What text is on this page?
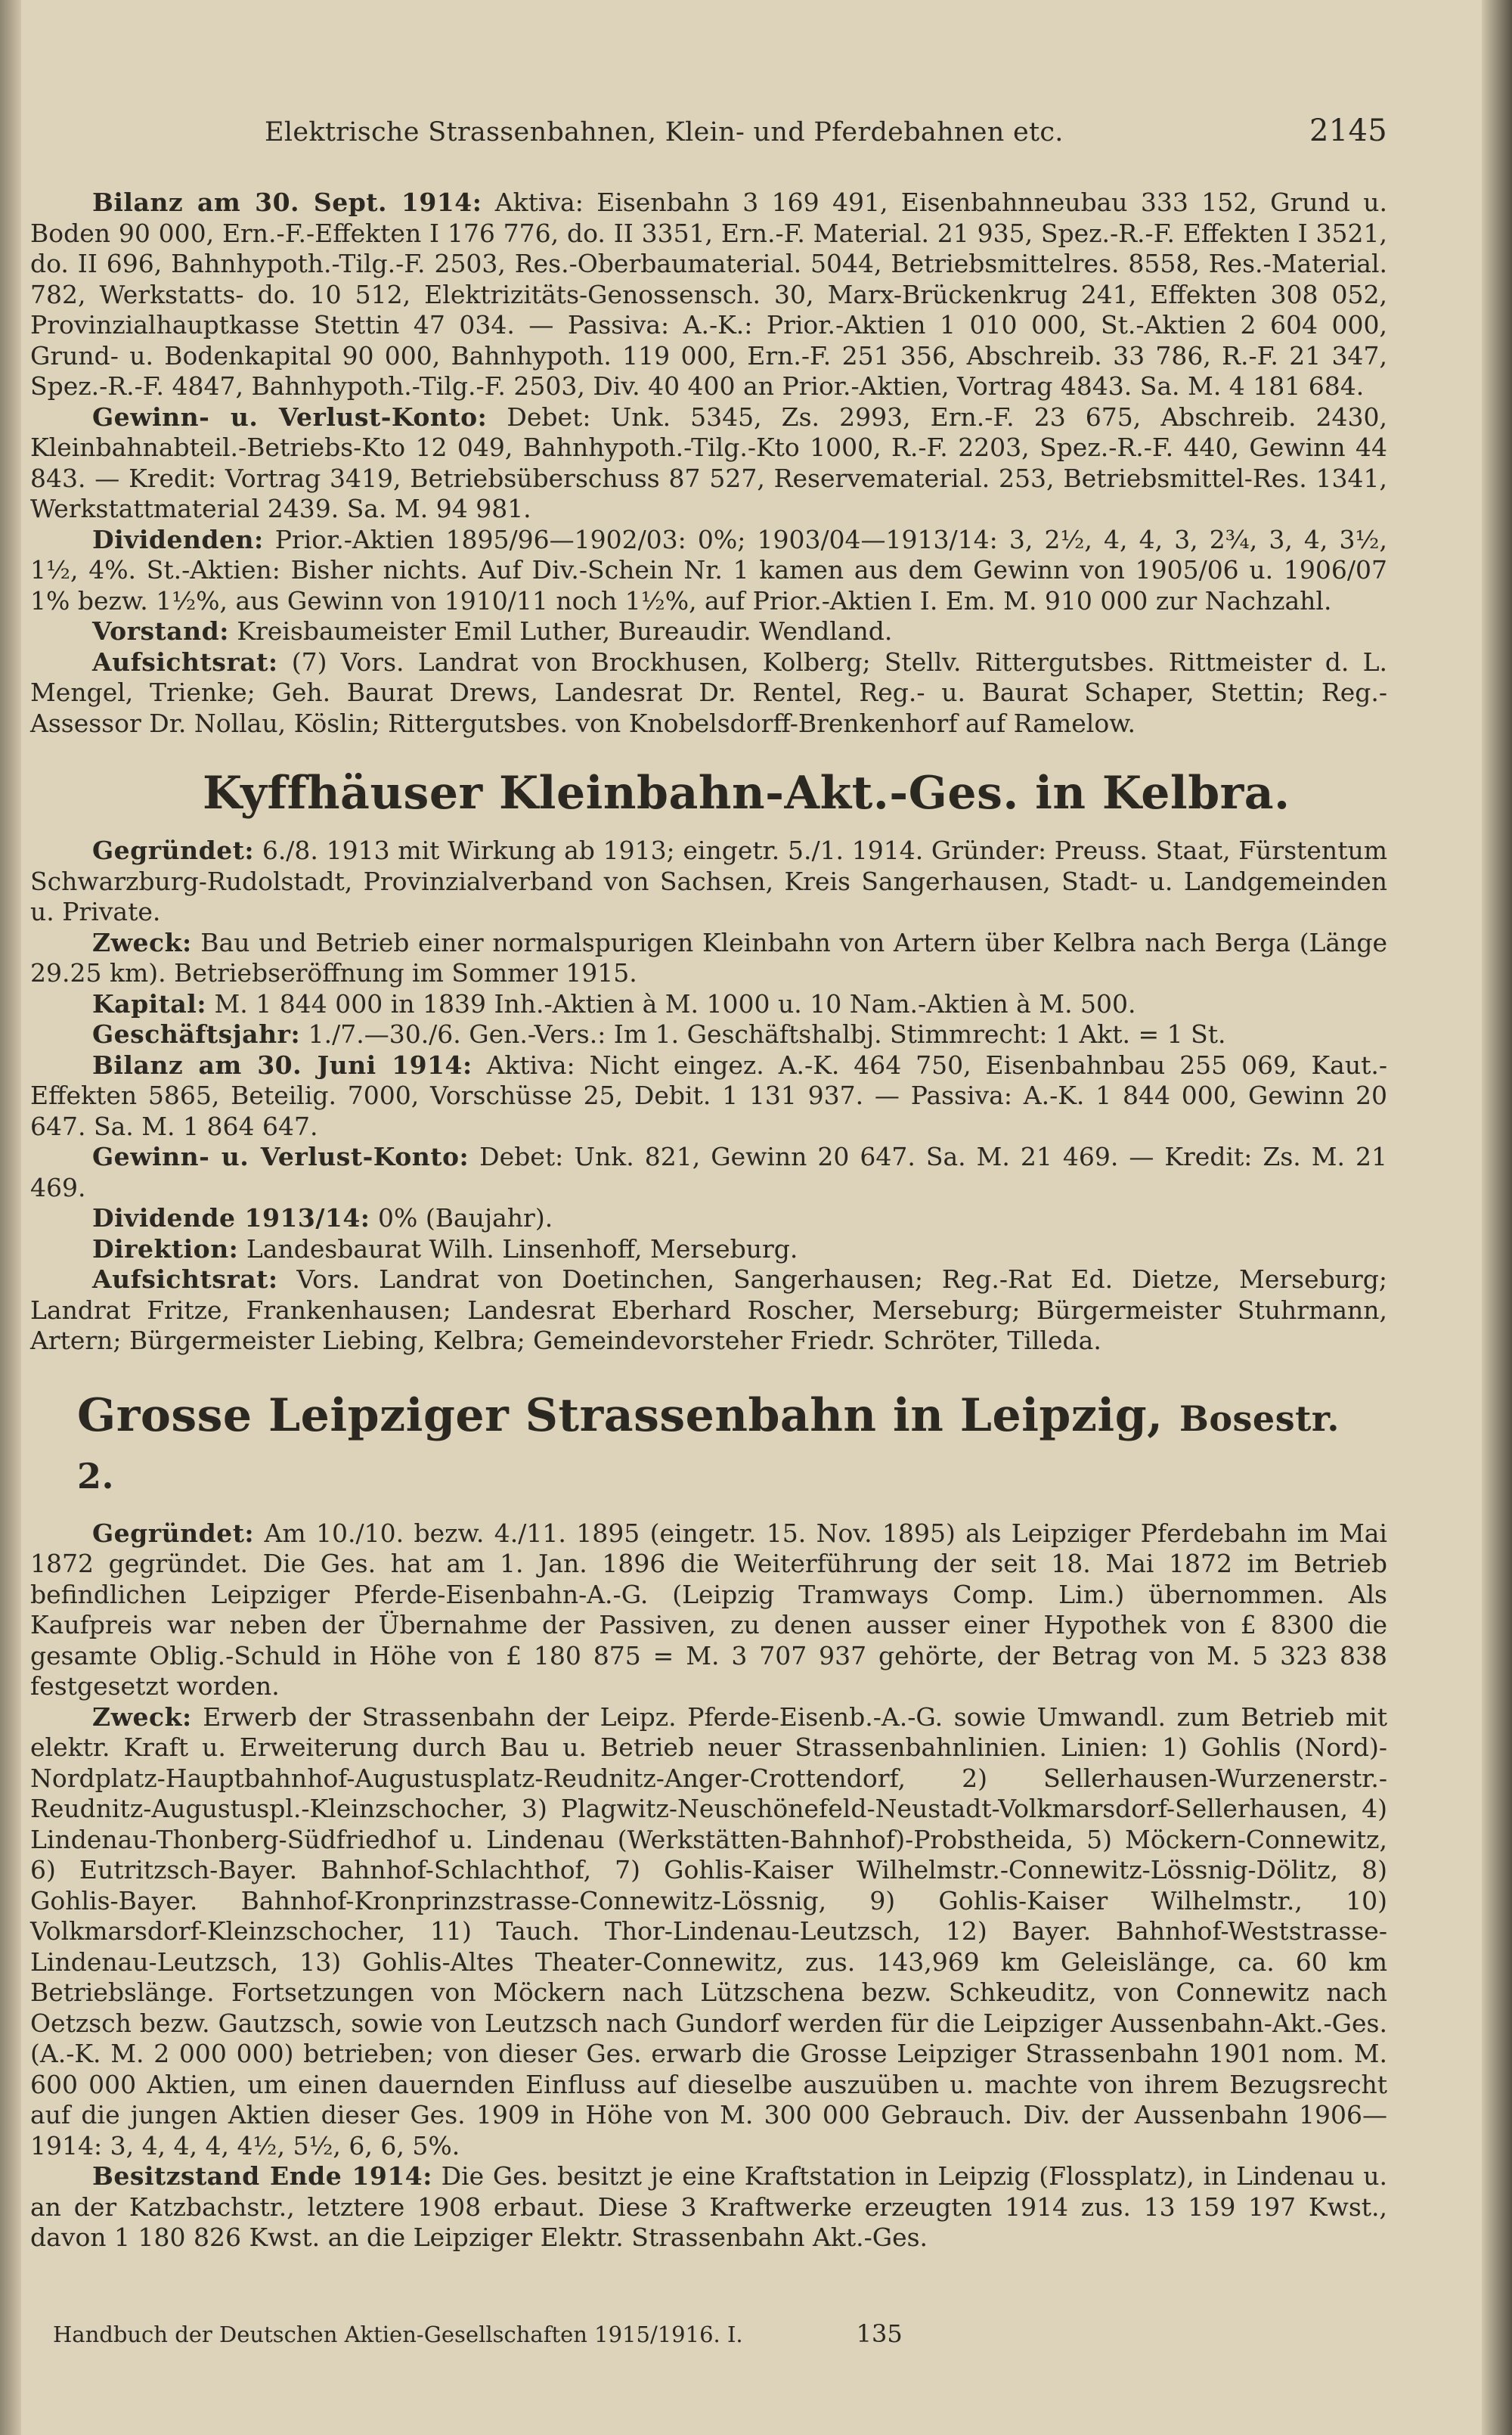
Elektrische Strassenbahnen, Klein- und Pferdebahnen etc.	2145

Bilanz am 30. Sept. 1914: Aktiva: Eisenbahn 3 169 491, Eisenbahnneubau 333 152, Grund u. Boden 90 000, Ern.-F.-Effekten I 176 776, do. II 3351, Ern.-F. Material. 21 935, Spez.-R.-F. Effekten I 3521, do. II 696, Bahnhypoth.-Tilg.-F. 2503, Res.-Oberbaumaterial. 5044, Betriebsmittelres. 8558, Res.-Material. 782, Werkstatts- do. 10 512, Elektrizitäts-Genossensch. 30, Marx-Brückenkrug 241, Effekten 308 052, Provinzialhauptkasse Stettin 47 034. — Passiva: A.-K.: Prior.-Aktien 1 010 000, St.-Aktien 2 604 000, Grund- u. Bodenkapital 90 000, Bahnhypoth. 119 000, Ern.-F. 251 356, Abschreib. 33 786, R.-F. 21 347, Spez.-R.-F. 4847, Bahnhypoth.-Tilg.-F. 2503, Div. 40 400 an Prior.-Aktien, Vortrag 4843. Sa. M. 4 181 684.

Gewinn- u. Verlust-Konto: Debet: Unk. 5345, Zs. 2993, Ern.-F. 23 675, Abschreib. 2430, Kleinbahnabteil.-Betriebs-Kto 12 049, Bahnhypoth.-Tilg.-Kto 1000, R.-F. 2203, Spez.-R.-F. 440, Gewinn 44 843. — Kredit: Vortrag 3419, Betriebsüberschuss 87 527, Reservematerial. 253, Betriebsmittel-Res. 1341, Werkstattmaterial 2439. Sa. M. 94 981.

Dividenden: Prior.-Aktien 1895/96—1902/03: 0%; 1903/04—1913/14: 3, 2½, 4, 4, 3, 2¾, 3, 4, 3½, 1½, 4%. St.-Aktien: Bisher nichts. Auf Div.-Schein Nr. 1 kamen aus dem Gewinn von 1905/06 u. 1906/07 1% bezw. 1½%, aus Gewinn von 1910/11 noch 1½%, auf Prior.-Aktien I. Em. M. 910 000 zur Nachzahl.

Vorstand: Kreisbaumeister Emil Luther, Bureaudir. Wendland.

Aufsichtsrat: (7) Vors. Landrat von Brockhusen, Kolberg; Stellv. Rittergutsbes. Rittmeister d. L. Mengel, Trienke; Geh. Baurat Drews, Landesrat Dr. Rentel, Reg.- u. Baurat Schaper, Stettin; Reg.-Assessor Dr. Nollau, Köslin; Rittergutsbes. von Knobelsdorff-Brenkenhorf auf Ramelow.

Kyffhäuser Kleinbahn-Akt.-Ges. in Kelbra.

Gegründet: 6./8. 1913 mit Wirkung ab 1913; eingetr. 5./1. 1914. Gründer: Preuss. Staat, Fürstentum Schwarzburg-Rudolstadt, Provinzialverband von Sachsen, Kreis Sangerhausen, Stadt- u. Landgemeinden u. Private.

Zweck: Bau und Betrieb einer normalspurigen Kleinbahn von Artern über Kelbra nach Berga (Länge 29.25 km). Betriebseröffnung im Sommer 1915.

Kapital: M. 1 844 000 in 1839 Inh.-Aktien à M. 1000 u. 10 Nam.-Aktien à M. 500.

Geschäftsjahr: 1./7.—30./6. Gen.-Vers.: Im 1. Geschäftshalbj. Stimmrecht: 1 Akt. = 1 St.

Bilanz am 30. Juni 1914: Aktiva: Nicht eingez. A.-K. 464 750, Eisenbahnbau 255 069, Kaut.-Effekten 5865, Beteilig. 7000, Vorschüsse 25, Debit. 1 131 937. — Passiva: A.-K. 1 844 000, Gewinn 20 647. Sa. M. 1 864 647.

Gewinn- u. Verlust-Konto: Debet: Unk. 821, Gewinn 20 647. Sa. M. 21 469. — Kredit: Zs. M. 21 469.

Dividende 1913/14: 0% (Baujahr).

Direktion: Landesbaurat Wilh. Linsenhoff, Merseburg.

Aufsichtsrat: Vors. Landrat von Doetinchen, Sangerhausen; Reg.-Rat Ed. Dietze, Merseburg; Landrat Fritze, Frankenhausen; Landesrat Eberhard Roscher, Merseburg; Bürgermeister Stuhrmann, Artern; Bürgermeister Liebing, Kelbra; Gemeindevorsteher Friedr. Schröter, Tilleda.

Grosse Leipziger Strassenbahn in Leipzig, Bosestr. 2.

Gegründet: Am 10./10. bezw. 4./11. 1895 (eingetr. 15. Nov. 1895) als Leipziger Pferdebahn im Mai 1872 gegründet. Die Ges. hat am 1. Jan. 1896 die Weiterführung der seit 18. Mai 1872 im Betrieb befindlichen Leipziger Pferde-Eisenbahn-A.-G. (Leipzig Tramways Comp. Lim.) übernommen. Als Kaufpreis war neben der Übernahme der Passiven, zu denen ausser einer Hypothek von £ 8300 die gesamte Oblig.-Schuld in Höhe von £ 180 875 = M. 3 707 937 gehörte, der Betrag von M. 5 323 838 festgesetzt worden.

Zweck: Erwerb der Strassenbahn der Leipz. Pferde-Eisenb.-A.-G. sowie Umwandl. zum Betrieb mit elektr. Kraft u. Erweiterung durch Bau u. Betrieb neuer Strassenbahnlinien. Linien: 1) Gohlis (Nord)-Nordplatz-Hauptbahnhof-Augustusplatz-Reudnitz-Anger-Crottendorf, 2) Sellerhausen-Wurzenerstr.-Reudnitz-Augustuspl.-Kleinzschocher, 3) Plagwitz-Neuschönefeld-Neustadt-Volkmarsdorf-Sellerhausen, 4) Lindenau-Thonberg-Südfriedhof u. Lindenau (Werkstätten-Bahnhof)-Probstheida, 5) Möckern-Connewitz, 6) Eutritzsch-Bayer. Bahnhof-Schlachthof, 7) Gohlis-Kaiser Wilhelmstr.-Connewitz-Lössnig-Dölitz, 8) Gohlis-Bayer. Bahnhof-Kronprinzstrasse-Connewitz-Lössnig, 9) Gohlis-Kaiser Wilhelmstr., 10) Volkmarsdorf-Kleinzschocher, 11) Tauch. Thor-Lindenau-Leutzsch, 12) Bayer. Bahnhof-Weststrasse-Lindenau-Leutzsch, 13) Gohlis-Altes Theater-Connewitz, zus. 143,969 km Geleislänge, ca. 60 km Betriebslänge. Fortsetzungen von Möckern nach Lützschena bezw. Schkeuditz, von Connewitz nach Oetzsch bezw. Gautzsch, sowie von Leutzsch nach Gundorf werden für die Leipziger Aussenbahn-Akt.-Ges. (A.-K. M. 2 000 000) betrieben; von dieser Ges. erwarb die Grosse Leipziger Strassenbahn 1901 nom. M. 600 000 Aktien, um einen dauernden Einfluss auf dieselbe auszuüben u. machte von ihrem Bezugsrecht auf die jungen Aktien dieser Ges. 1909 in Höhe von M. 300 000 Gebrauch. Div. der Aussenbahn 1906—1914: 3, 4, 4, 4, 4½, 5½, 6, 6, 5%.

Besitzstand Ende 1914: Die Ges. besitzt je eine Kraftstation in Leipzig (Flossplatz), in Lindenau u. an der Katzbachstr., letztere 1908 erbaut. Diese 3 Kraftwerke erzeugten 1914 zus. 13 159 197 Kwst., davon 1 180 826 Kwst. an die Leipziger Elektr. Strassenbahn Akt.-Ges.

Handbuch der Deutschen Aktien-Gesellschaften 1915/1916. I.	135
